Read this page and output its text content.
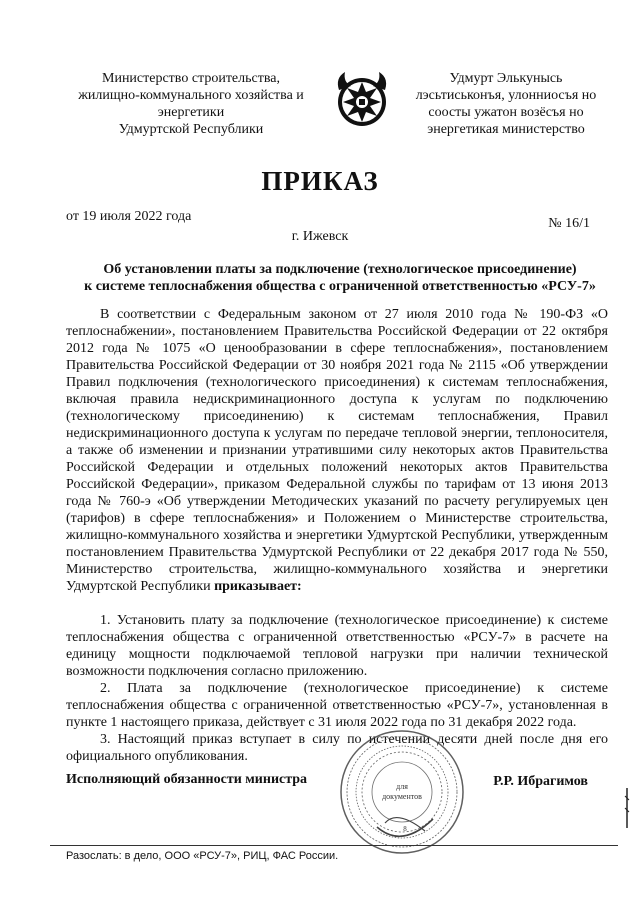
Министерство строительства,
жилищно-коммунального хозяйства и
энергетики
Удмуртской Республики
Удмурт Элькунысь
лэсьтиськонъя, улонниосъя но
соосты ужатон возёсъя но
энергетикая министерство
ПРИКАЗ
от 19 июля 2022 года	№ 16/1
г. Ижевск
Об установлении платы за подключение (технологическое присоединение)
к системе теплоснабжения общества с ограниченной ответственностью «РСУ-7»

В соответствии с Федеральным законом от 27 июля 2010 года № 190-ФЗ «О теплоснабжении», постановлением Правительства Российской Федерации от 22 октября 2012 года № 1075 «О ценообразовании в сфере теплоснабжения», постановлением Правительства Российской Федерации от 30 ноября 2021 года № 2115 «Об утверждении Правил подключения (технологического присоединения) к системам теплоснабжения, включая правила недискриминационного доступа к услугам по подключению (технологическому присоединению) к системам теплоснабжения, Правил недискриминационного доступа к услугам по передаче тепловой энергии, теплоносителя, а также об изменении и признании утратившими силу некоторых актов Правительства Российской Федерации и отдельных положений некоторых актов Правительства Российской Федерации», приказом Федеральной службы по тарифам от 13 июня 2013 года № 760-э «Об утверждении Методических указаний по расчету регулируемых цен (тарифов) в сфере теплоснабжения» и Положением о Министерстве строительства, жилищно-коммунального хозяйства и энергетики Удмуртской Республики, утвержденным постановлением Правительства Удмуртской Республики от 22 декабря 2017 года № 550, Министерство строительства, жилищно-коммунального хозяйства и энергетики Удмуртской Республики приказывает:

1. Установить плату за подключение (технологическое присоединение) к системе теплоснабжения общества с ограниченной ответственностью «РСУ-7» в расчете на единицу мощности подключаемой тепловой нагрузки при наличии технической возможности подключения согласно приложению.

2. Плата за подключение (технологическое присоединение) к системе теплоснабжения общества с ограниченной ответственностью «РСУ-7», установленная в пункте 1 настоящего приказа, действует с 31 июля 2022 года по 31 декабря 2022 года.

3. Настоящий приказ вступает в силу по истечении десяти дней после дня его официального опубликования.

Исполняющий обязанности министра	для
документов
8
Р.Р. Ибрагимов
Разослать: в дело, ООО «РСУ-7», РИЦ, ФАС России.
